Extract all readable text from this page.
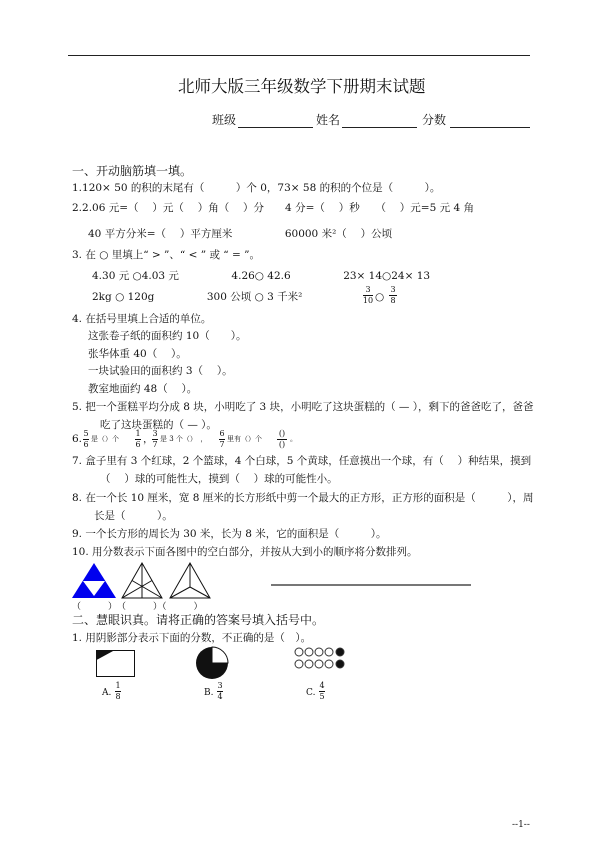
北师大版三年级数学下册期末试题
班级	姓名	分数
一、开动脑筋填一填。
1.120× 50 的积的末尾有（　　　）个 0，73× 58 的积的个位是（　　　）。
2.2.06 元=（　 ）元（　 ）角（　 ）分　　4 分=（　 ）秒　　（　 ）元=5 元 4 角
40 平方分米=（　 ）平方厘米　　　　　60000 米²（　 ）公顷
3. 在 ○ 里填上“ > ”、“ < ” 或 “ = ”。
4.30 元 ○4.03 元　　　　　4.26○ 42.6　　　　　23× 14○24× 13
2kg ○ 120g　　　　　300 公顷 ○ 3 千米²
3
10 ○
3
8
4. 在括号里填上合适的单位。
这张卷子纸的面积约 10（　　）。
张华体重 40（　 ）。
一块试验田的面积约 3（　 ）。
教室地面约 48（　 ）。
5. 把一个蛋糕平均分成 8 块，小明吃了 3 块，小明吃了这块蛋糕的（ — ），剩下的爸爸吃了，爸爸
吃了这块蛋糕的（ — ）。
6. 5
6
是（）个
1
6 ，
3
7
是 3 个（）　，
6
7
里有（）个
()
()
。
7. 盒子里有 3 个红球，2 个篮球，4 个白球，5 个黄球，任意摸出一个球，有（　 ）种结果，摸到
（　 ）球的可能性大，摸到（　 ）球的可能性小。
8. 在一个长 10 厘米，宽 8 厘米的长方形纸中剪一个最大的正方形，正方形的面积是（　　　），周
长是（　　　）。
9. 一个长方形的周长为 30 米，长为 8 米，它的面积是（　　　）。
10. 用分数表示下面各图中的空白部分，并按从大到小的顺序将分数排列。
（　　　）　（　　　）（　　　）
二、慧眼识真。请将正确的答案号填入括号中。
1. 用阴影部分表示下面的分数，不正确的是（　）。
A.
1
8	B.
3
4	C.
4
5
--1--
